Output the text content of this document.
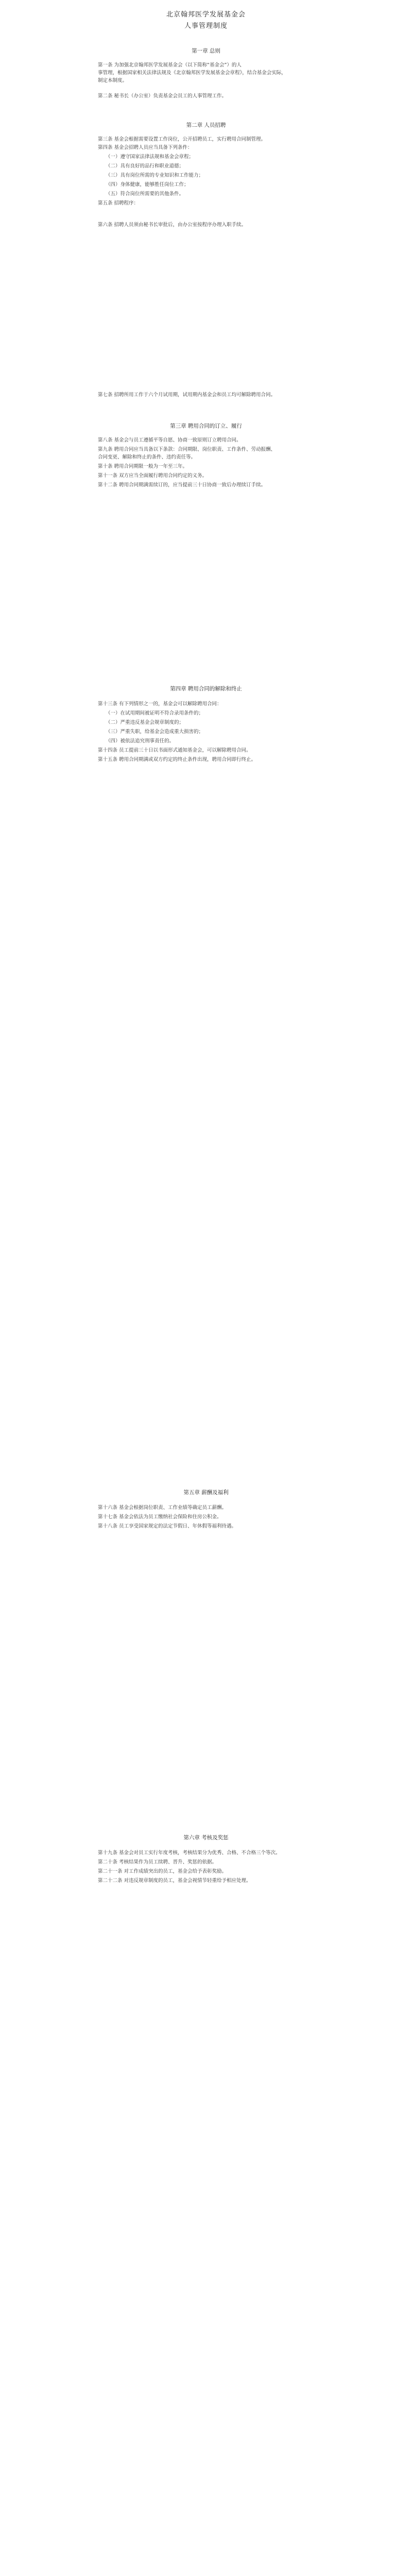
北京翰邦医学发展基金会
人事管理制度
第一章 总则
第一条 为加强北京翰邦医学发展基金会（以下简称“基金会”）的人
事管理，根据国家相关法律法规及《北京翰邦医学发展基金会章程》，结合基金会实际，
制定本制度。
第二条 秘书长（办公室）负责基金会员工的人事管理工作。
第二章 人员招聘
第三条 基金会根据需要设置工作岗位，公开招聘员工，实行聘用合同制管理。
第四条 基金会招聘人员应当具备下列条件：
（一）遵守国家法律法规和基金会章程；
（二）具有良好的品行和职业道德；
（三）具有岗位所需的专业知识和工作能力；
（四）身体健康，能够胜任岗位工作；
（五）符合岗位所需要的其他条件。
第五条 招聘程序：
第六条 招聘人员须由秘书长审批后，由办公室按程序办理入职手续。
第七条 招聘所用工作于六个月试用期，试用期内基金会和员工均可解除聘用合同。
第三章 聘用合同的订立、履行
第八条 基金会与员工遵循平等自愿、协商一致原则订立聘用合同。
第九条 聘用合同应当具备以下条款：合同期限、岗位职责、工作条件、劳动报酬、
合同变更、解除和终止的条件、违约责任等。
第十条 聘用合同期限一般为一年至三年。
第十一条 双方应当全面履行聘用合同约定的义务。
第十二条 聘用合同期满需续订的，应当提前三十日协商一致后办理续订手续。
第四章 聘用合同的解除和终止
第十三条 有下列情形之一的，基金会可以解除聘用合同：
（一）在试用期间被证明不符合录用条件的；
（二）严重违反基金会规章制度的；
（三）严重失职，给基金会造成重大损害的；
（四）被依法追究刑事责任的。
第十四条 员工提前三十日以书面形式通知基金会，可以解除聘用合同。
第十五条 聘用合同期满或双方约定的终止条件出现，聘用合同即行终止。
第五章 薪酬及福利
第十六条 基金会根据岗位职责、工作业绩等确定员工薪酬。
第十七条 基金会依法为员工缴纳社会保险和住房公积金。
第十八条 员工享受国家规定的法定节假日、年休假等福利待遇。
第六章 考核及奖惩
第十九条 基金会对员工实行年度考核，考核结果分为优秀、合格、不合格三个等次。
第二十条 考核结果作为员工续聘、晋升、奖惩的依据。
第二十一条 对工作成绩突出的员工，基金会给予表彰奖励。
第二十二条 对违反规章制度的员工，基金会视情节轻重给予相应处理。
